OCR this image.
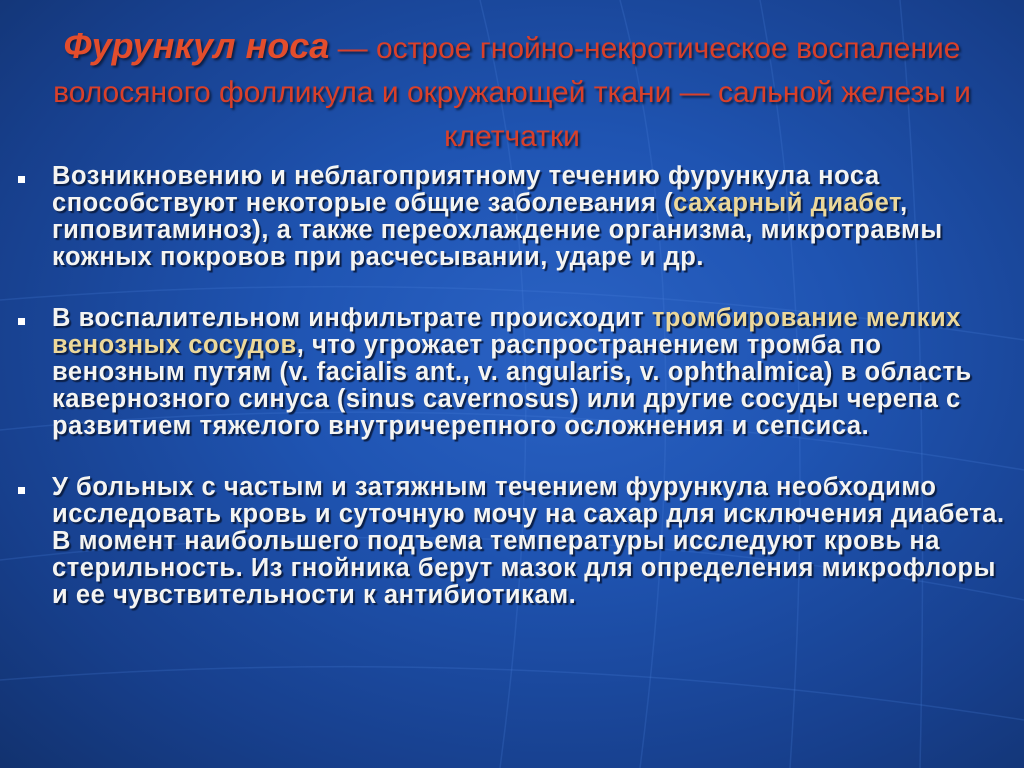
Фурункул носа — острое гнойно-некротическое воспаление волосяного фолликула и окружающей ткани — сальной железы и клетчатки
Возникновению и неблагоприятному течению фурункула носа способствуют некоторые общие заболевания (сахарный диабет, гиповитаминоз), а также переохлаждение организма, микротравмы кожных покровов при расчесывании, ударе и др.
В воспалительном инфильтрате происходит тромбирование мелких венозных сосудов, что угрожает распространением тромба по венозным путям (v. facialis ant., v. angularis, v. ophthalmica) в область кавернозного синуса (sinus cavernosus) или другие сосуды черепа с развитием тяжелого внутричерепного осложнения и сепсиса.
У больных с частым и затяжным течением фурункула необходимо исследовать кровь и суточную мочу на сахар для исключения диабета. В момент наибольшего подъема температуры исследуют кровь на стерильность. Из гнойника берут мазок для определения микрофлоры и ее чувствительности к антибиотикам.
